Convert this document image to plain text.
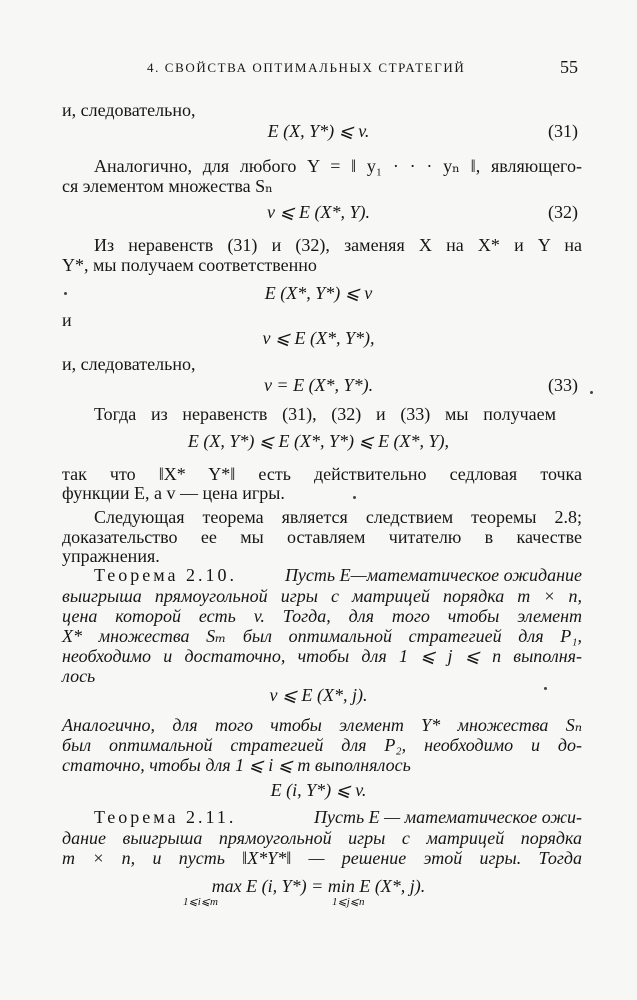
4. СВОЙСТВА ОПТИМАЛЬНЫХ СТРАТЕГИЙ	55
и, следовательно,
E (X, Y*) ⩽ v.	(31)
Аналогично, для любого Y = ‖ y₁ · · · yₙ ‖, являющего-
ся элементом множества Sₙ
v ⩽ E (X*, Y).	(32)
Из неравенств (31) и (32), заменяя X на X* и Y на
Y*, мы получаем соответственно
E (X*, Y*) ⩽ v
и
v ⩽ E (X*, Y*),
и, следовательно,
v = E (X*, Y*).	(33)
Тогда из неравенств (31), (32) и (33) мы получаем
E (X, Y*) ⩽ E (X*, Y*) ⩽ E (X*, Y),
так что ‖X* Y*‖ есть действительно седловая точка
функции E, а v — цена игры.
Следующая теорема является следствием теоремы 2.8;
доказательство ее мы оставляем читателю в качестве
упражнения.
Теорема 2.10.	Пусть E—математическое ожидание
выигрыша прямоугольной игры с матрицей порядка m × n,
цена которой есть v. Тогда, для того чтобы элемент
X* множества Sₘ был оптимальной стратегией для P₁,
необходимо и достаточно, чтобы для 1 ⩽ j ⩽ n выполня-
лось
v ⩽ E (X*, j).
Аналогично, для того чтобы элемент Y* множества Sₙ
был оптимальной стратегией для P₂, необходимо и до-
статочно, чтобы для 1 ⩽ i ⩽ m выполнялось
E (i, Y*) ⩽ v.
Теорема 2.11.	Пусть E — математическое ожи-
дание выигрыша прямоугольной игры с матрицей порядка
m × n, и пусть ‖X*Y*‖ — решение этой игры. Тогда
max E (i, Y*) = min E (X*, j).
1⩽i⩽m	1⩽j⩽n
